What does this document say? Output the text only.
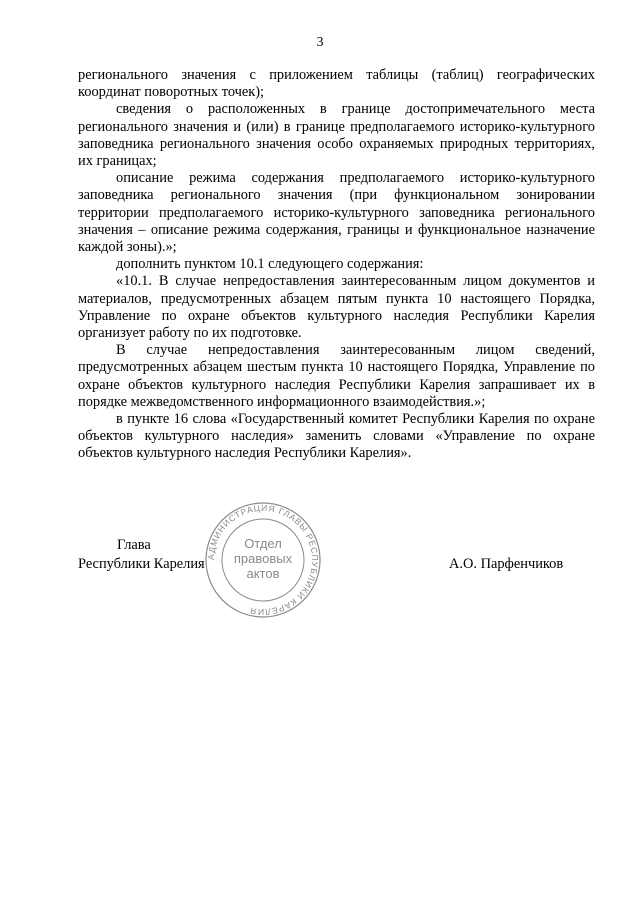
3

регионального значения с приложением таблицы (таблиц) географических координат поворотных точек);

сведения о расположенных в границе достопримечательного места регионального значения и (или) в границе предполагаемого историко-культурного заповедника регионального значения особо охраняемых природных территориях, их границах;

описание режима содержания предполагаемого историко-культурного заповедника регионального значения (при функциональном зонировании территории предполагаемого историко-культурного заповедника регионального значения – описание режима содержания, границы и функциональное назначение каждой зоны).»;

дополнить пунктом 10.1 следующего содержания:

«10.1. В случае непредоставления заинтересованным лицом документов и материалов, предусмотренных абзацем пятым пункта 10 настоящего Порядка, Управление по охране объектов культурного наследия Республики Карелия организует работу по их подготовке.

В случае непредоставления заинтересованным лицом сведений, предусмотренных абзацем шестым пункта 10 настоящего Порядка, Управление по охране объектов культурного наследия Республики Карелия запрашивает их в порядке межведомственного информационного взаимодействия.»;

в пункте 16 слова «Государственный комитет Республики Карелия по охране объектов культурного наследия» заменить словами «Управление по охране объектов культурного наследия Республики Карелия».

Глава
Республики Карелия	А.О. Парфенчиков
АДМИНИСТРАЦИЯ ГЛАВЫ РЕСПУБЛИКИ КАРЕЛИЯ
Отдел
правовых
актов
